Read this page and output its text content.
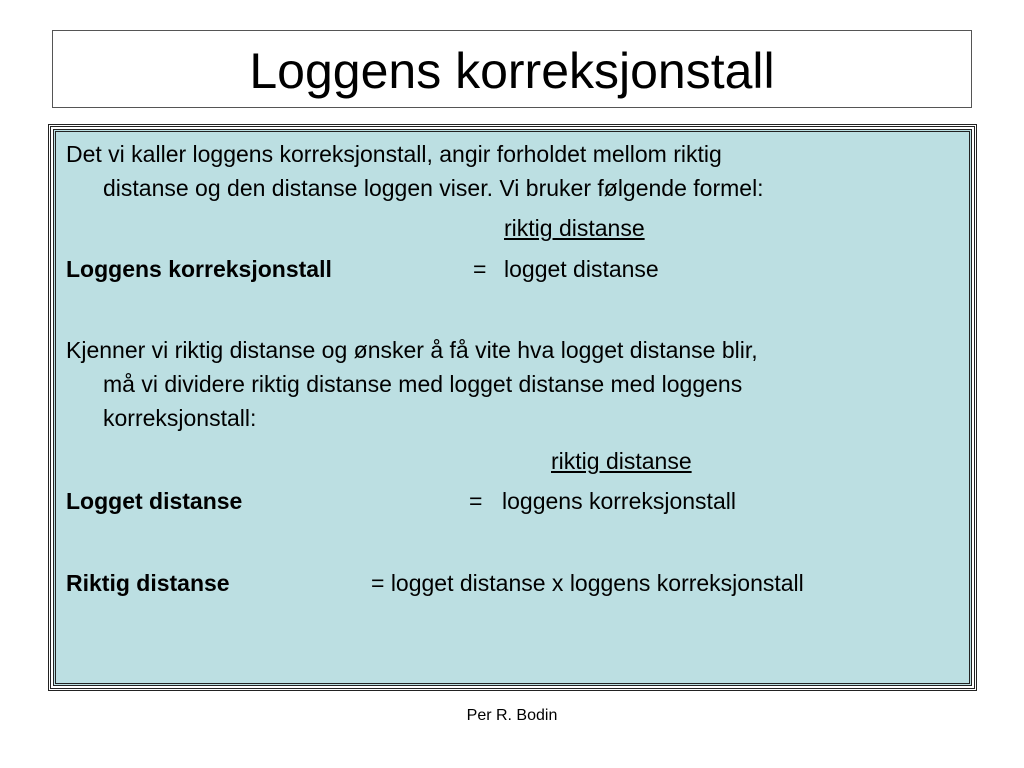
Loggens korreksjonstall
Det vi kaller loggens korreksjonstall, angir forholdet mellom riktig
distanse og den distanse loggen viser. Vi bruker følgende formel:
riktig distanse
Loggens korreksjonstall	= logget distanse
Kjenner vi riktig distanse og ønsker å få vite hva logget distanse blir,
må vi dividere riktig distanse med logget distanse med loggens
korreksjonstall:
riktig distanse
Logget distanse	= loggens korreksjonstall
Riktig distanse	= logget distanse x loggens korreksjonstall
Per R. Bodin
